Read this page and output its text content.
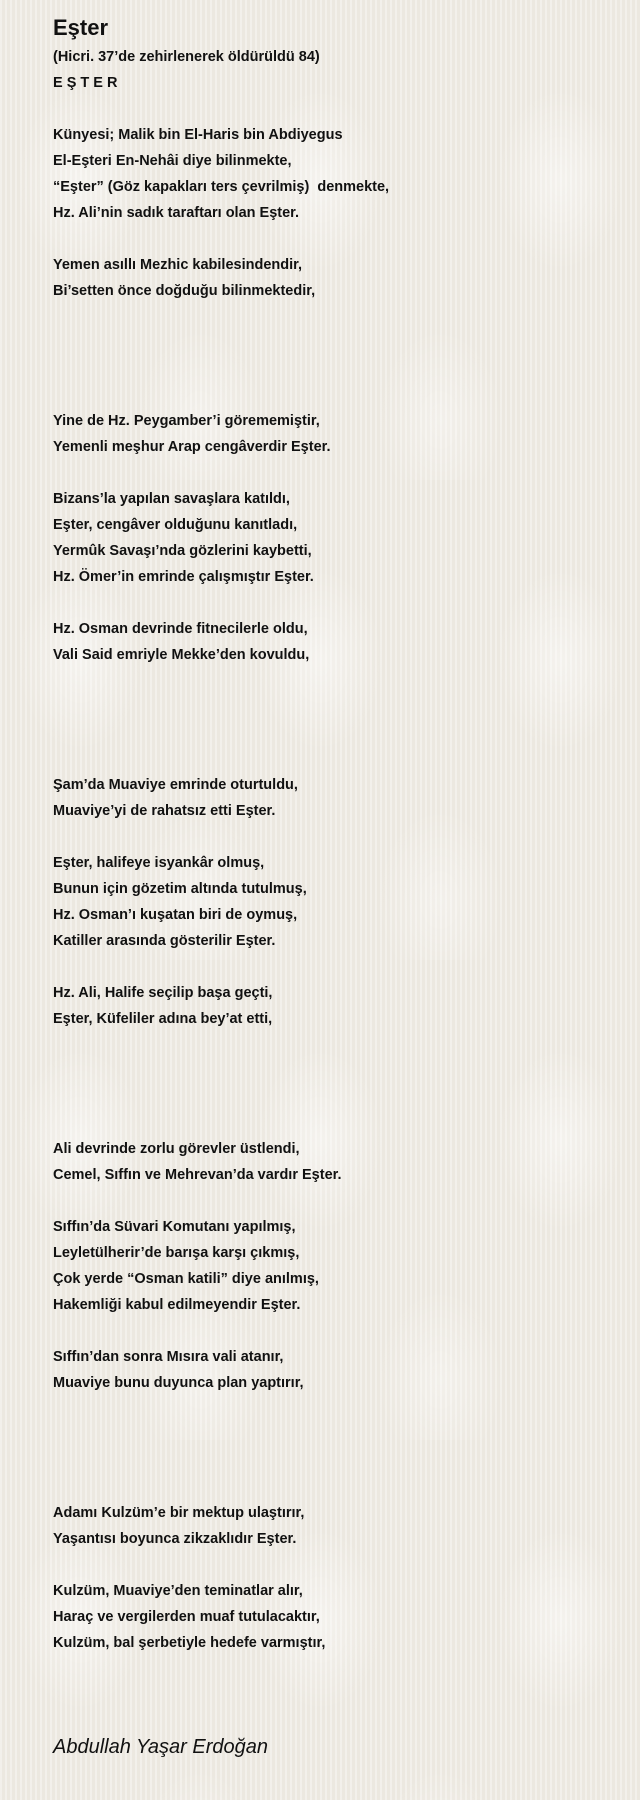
Eşter
(Hicri. 37’de zehirlenerek öldürüldü 84)
E Ş T E R
Künyesi; Malik bin El-Haris bin Abdiyegus
El-Eşteri En-Nehâi diye bilinmekte,
“Eşter” (Göz kapakları ters çevrilmiş)  denmekte,
Hz. Ali’nin sadık taraftarı olan Eşter.
Yemen asıllı Mezhic kabilesindendir,
Bi’setten önce doğduğu bilinmektedir,
Yine de Hz. Peygamber’i görememiştir,
Yemenli meşhur Arap cengâverdir Eşter.
Bizans’la yapılan savaşlara katıldı,
Eşter, cengâver olduğunu kanıtladı,
Yermûk Savaşı’nda gözlerini kaybetti,
Hz. Ömer’in emrinde çalışmıştır Eşter.
Hz. Osman devrinde fitnecilerle oldu,
Vali Said emriyle Mekke’den kovuldu,
Şam’da Muaviye emrinde oturtuldu,
Muaviye’yi de rahatsız etti Eşter.
Eşter, halifeye isyankâr olmuş,
Bunun için gözetim altında tutulmuş,
Hz. Osman’ı kuşatan biri de oymuş,
Katiller arasında gösterilir Eşter.
Hz. Ali, Halife seçilip başa geçti,
Eşter, Küfeliler adına bey’at etti,
Ali devrinde zorlu görevler üstlendi,
Cemel, Sıffın ve Mehrevan’da vardır Eşter.
Sıffın’da Süvari Komutanı yapılmış,
Leyletülherir’de barışa karşı çıkmış,
Çok yerde “Osman katili” diye anılmış,
Hakemliği kabul edilmeyendir Eşter.
Sıffın’dan sonra Mısıra vali atanır,
Muaviye bunu duyunca plan yaptırır,
Adamı Kulzüm’e bir mektup ulaştırır,
Yaşantısı boyunca zikzaklıdır Eşter.
Kulzüm, Muaviye’den teminatlar alır,
Haraç ve vergilerden muaf tutulacaktır,
Kulzüm, bal şerbetiyle hedefe varmıştır,
Abdullah Yaşar Erdoğan
